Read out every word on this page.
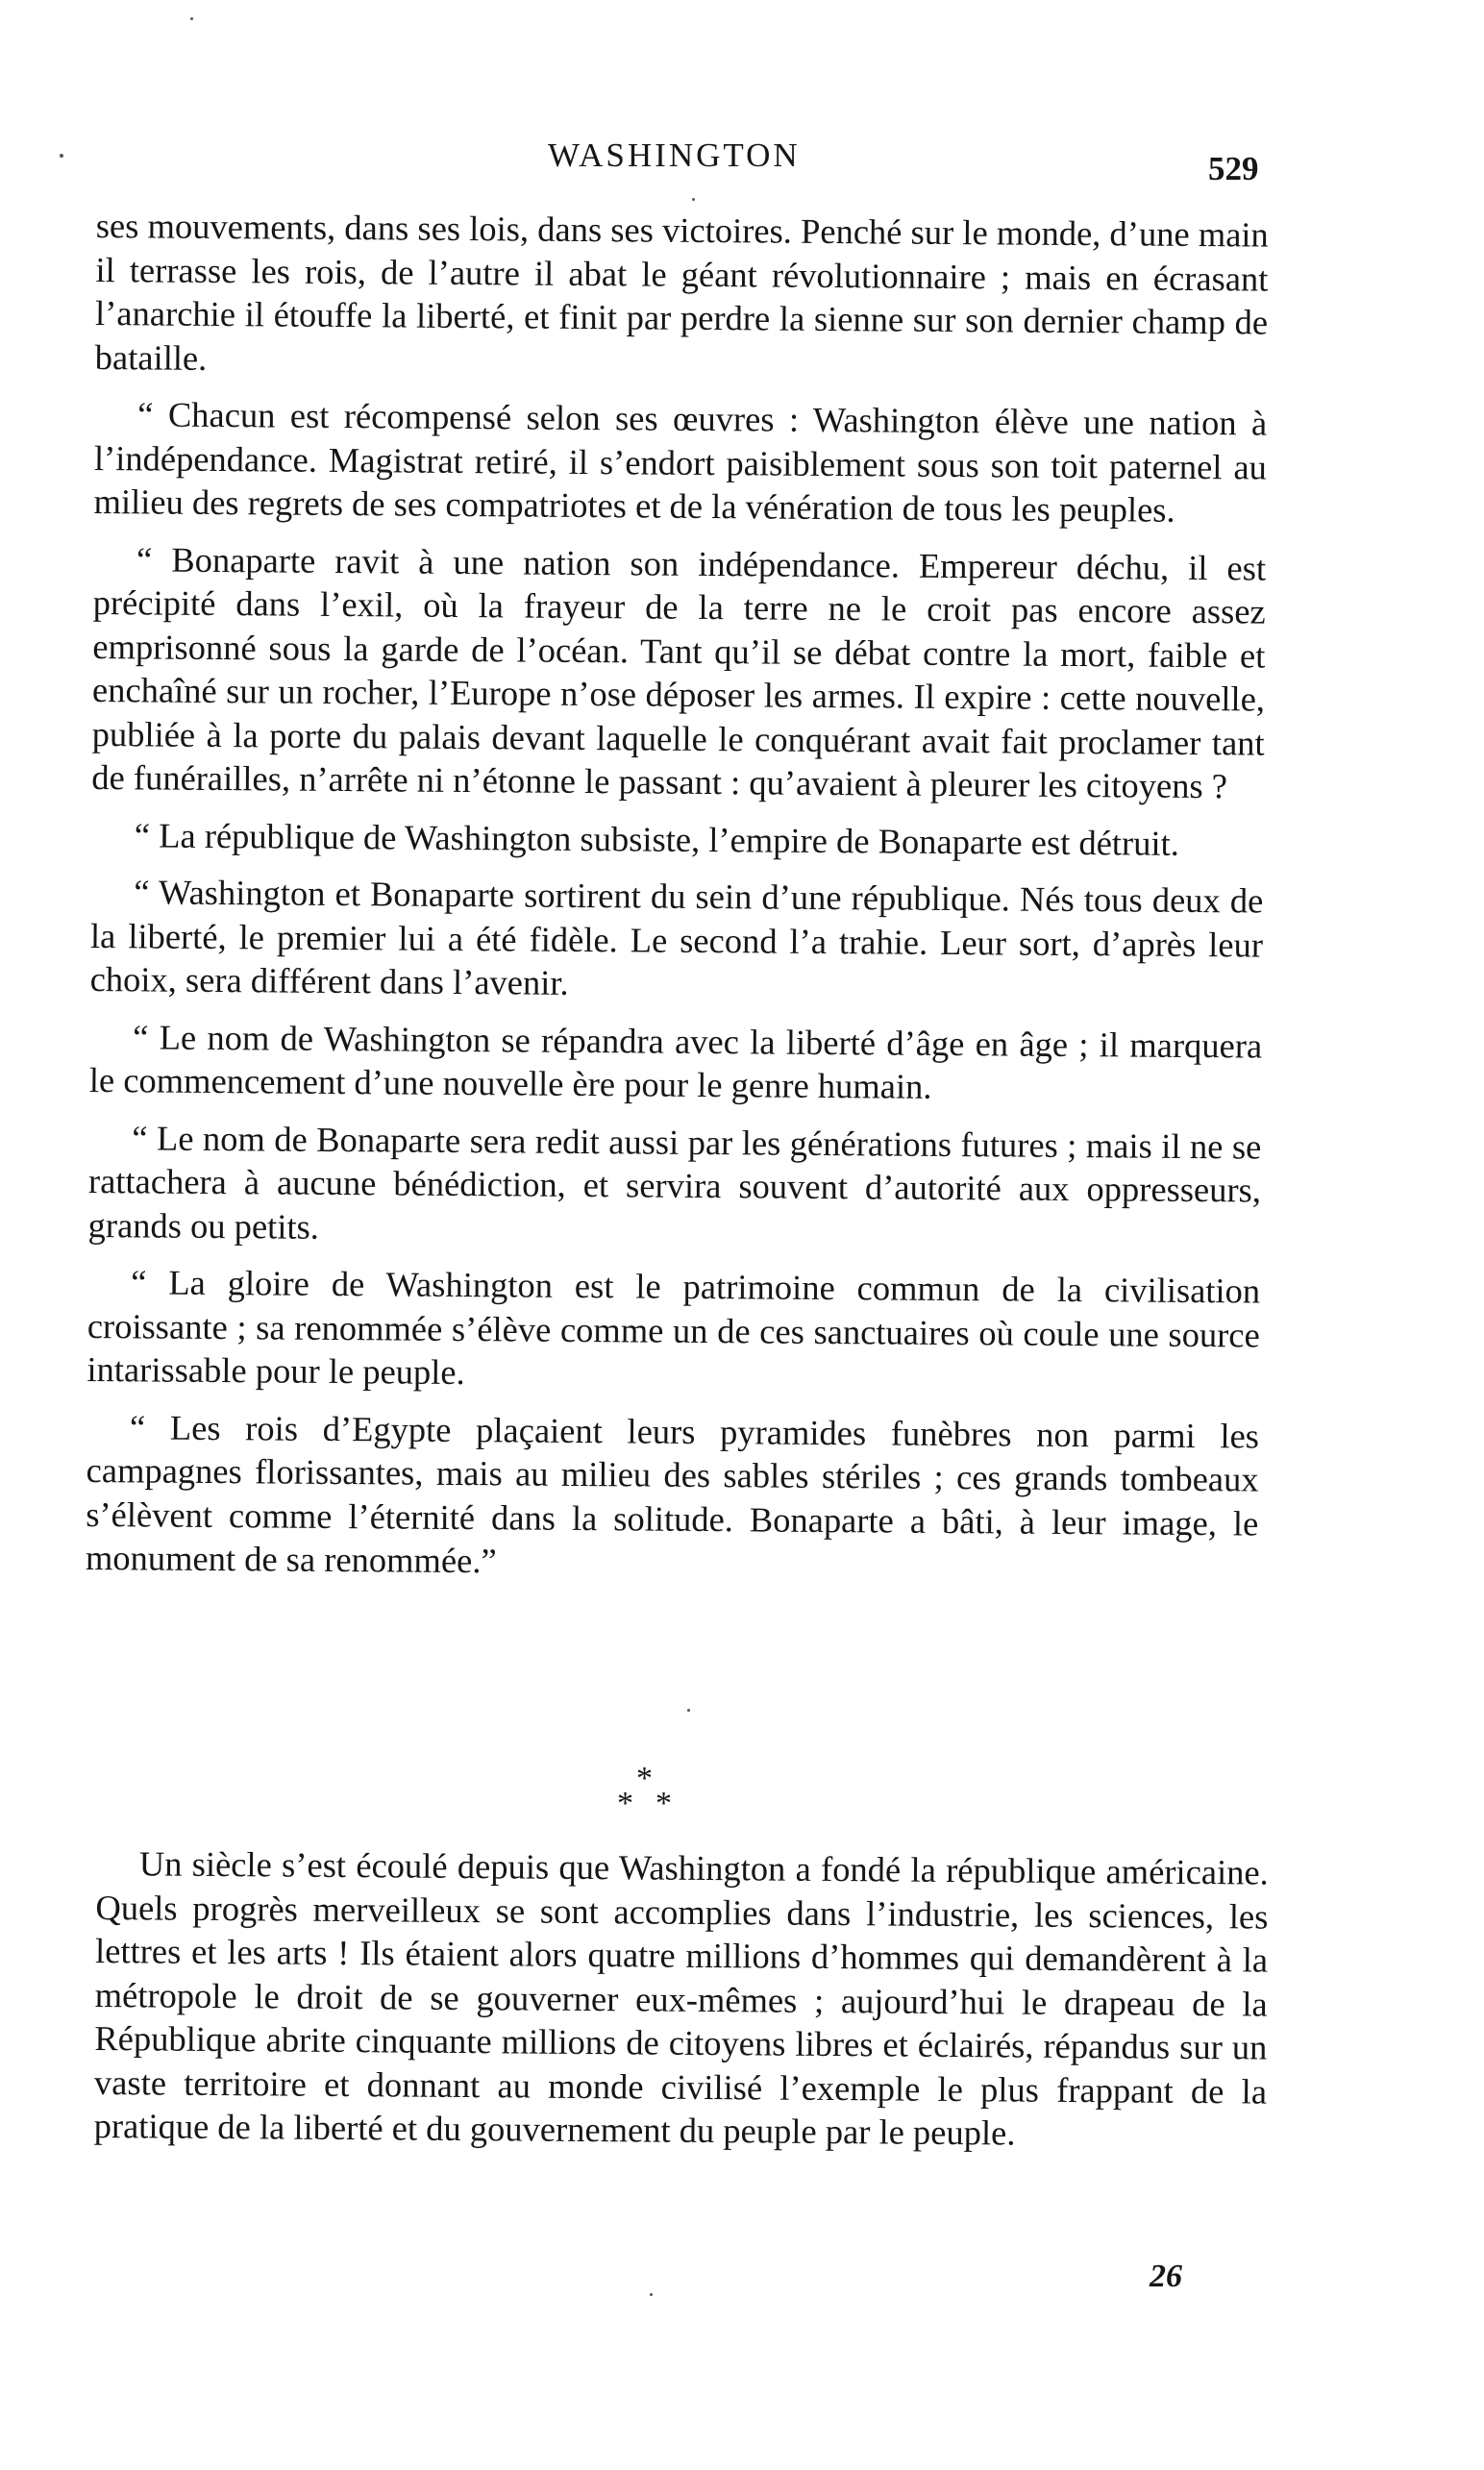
WASHINGTON	529

ses mouvements, dans ses lois, dans ses victoires. Penché sur le monde, d’une main il terrasse les rois, de l’autre il abat le géant révolutionnaire ; mais en écrasant l’anarchie il étouffe la liberté, et finit par perdre la sienne sur son dernier champ de bataille.

“ Chacun est récompensé selon ses œuvres : Washington élève une nation à l’indépendance. Magistrat retiré, il s’endort paisiblement sous son toit paternel au milieu des regrets de ses compatriotes et de la vénération de tous les peuples.

“ Bonaparte ravit à une nation son indépendance. Empereur déchu, il est précipité dans l’exil, où la frayeur de la terre ne le croit pas encore assez emprisonné sous la garde de l’océan. Tant qu’il se débat contre la mort, faible et enchaîné sur un rocher, l’Europe n’ose déposer les armes. Il expire : cette nouvelle, publiée à la porte du palais devant laquelle le conquérant avait fait proclamer tant de funérailles, n’arrête ni n’étonne le passant : qu’avaient à pleurer les citoyens ?

“ La république de Washington subsiste, l’empire de Bonaparte est détruit.

“ Washington et Bonaparte sortirent du sein d’une république. Nés tous deux de la liberté, le premier lui a été fidèle. Le second l’a trahie. Leur sort, d’après leur choix, sera différent dans l’avenir.

“ Le nom de Washington se répandra avec la liberté d’âge en âge ; il marquera le commencement d’une nouvelle ère pour le genre humain.

“ Le nom de Bonaparte sera redit aussi par les générations futures ; mais il ne se rattachera à aucune bénédiction, et servira souvent d’autorité aux oppresseurs, grands ou petits.

“ La gloire de Washington est le patrimoine commun de la civilisation croissante ; sa renommée s’élève comme un de ces sanctuaires où coule une source intarissable pour le peuple.

“ Les rois d’Egypte plaçaient leurs pyramides funèbres non parmi les campagnes florissantes, mais au milieu des sables stériles ; ces grands tombeaux s’élèvent comme l’éternité dans la solitude. Bonaparte a bâti, à leur image, le monument de sa renommée.”

*
* *

Un siècle s’est écoulé depuis que Washington a fondé la république américaine. Quels progrès merveilleux se sont accomplies dans l’industrie, les sciences, les lettres et les arts ! Ils étaient alors quatre millions d’hommes qui demandèrent à la métropole le droit de se gouverner eux-mêmes ; aujourd’hui le drapeau de la République abrite cinquante millions de citoyens libres et éclairés, répandus sur un vaste territoire et donnant au monde civilisé l’exemple le plus frappant de la pratique de la liberté et du gouvernement du peuple par le peuple.

26
